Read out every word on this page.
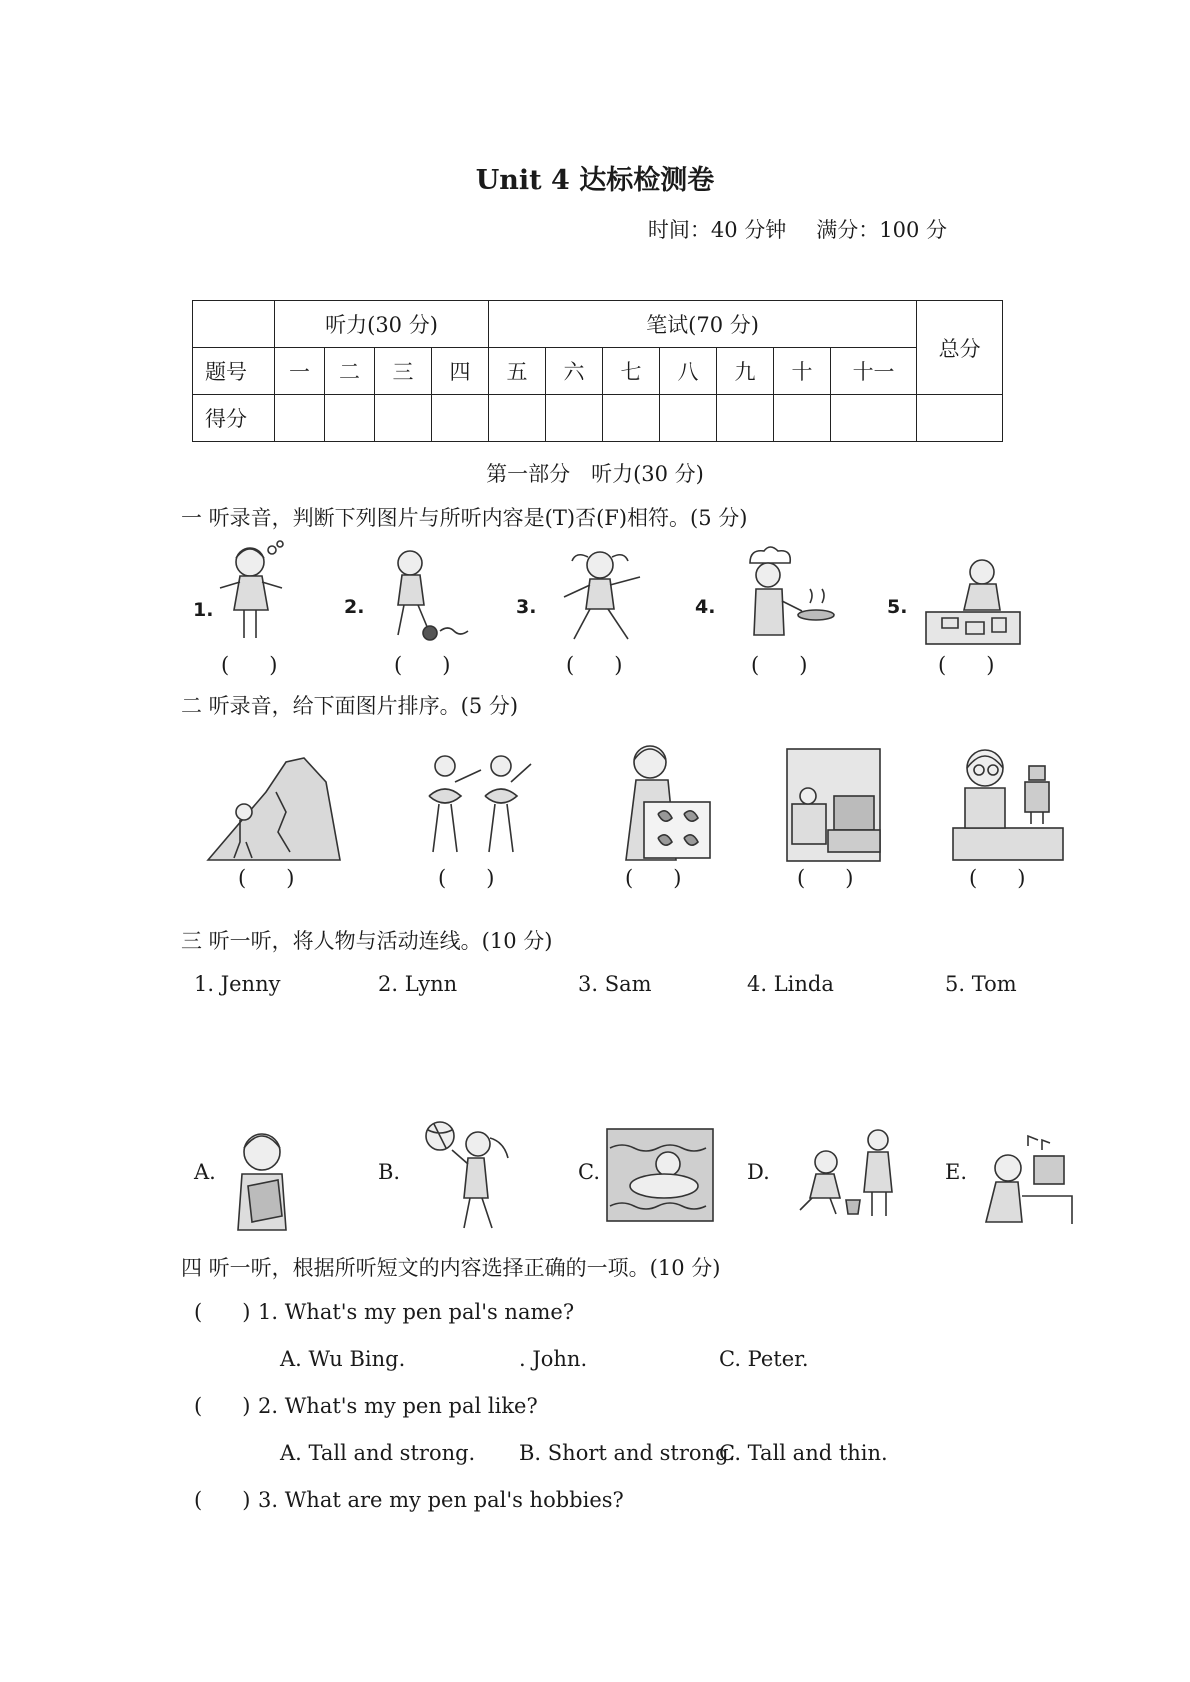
Unit 4 达标检测卷
时间：40 分钟 满分：100 分
	听力(30 分)				笔试(70 分)							总分	
题号	一	二	三	四	五	六	七	八	九	十	十一		
得分													
第一部分　听力(30 分)
一 听录音，判断下列图片与所听内容是(T)否(F)相符。(5 分)
1.
(      )
2.
(      )
3.
(      )
4.
(      )
5.
(      )
二 听录音，给下面图片排序。(5 分)
(      )	(      )	(      )	(      )	(      )
三 听一听，将人物与活动连线。(10 分)
1. Jenny	2. Lynn	3. Sam	4. Linda	5. Tom
A.	B.	C.	D.	E.
四 听一听，根据所听短文的内容选择正确的一项。(10 分)
(      ) 1. What's my pen pal's name?
A. Wu Bing.	. John.	C. Peter.
(      ) 2. What's my pen pal like?
A. Tall and strong. B. Short and strong.
C. Tall and thin.
(      ) 3. What are my pen pal's hobbies?
